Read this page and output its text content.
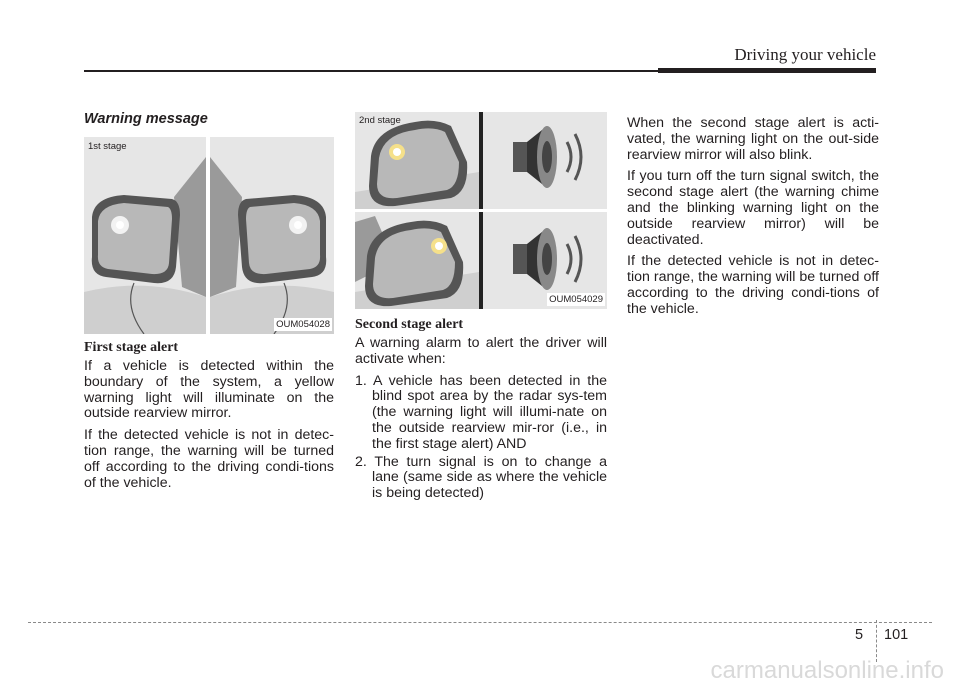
Driving your vehicle
Warning message
1st stage
OUM054028
First stage alert

If a vehicle is detected within the boundary of the system, a yellow warning light will illuminate on the outside rearview mirror.

If the detected vehicle is not in detec-tion range, the warning will be turned off according to the driving condi-tions of the vehicle.

2nd stage
OUM054029
Second stage alert

A warning alarm to alert the driver will activate when:

1. A vehicle has been detected in the blind spot area by the radar sys-tem (the warning light will illumi-nate on the outside rearview mir-ror (i.e., in the first stage alert) AND
2. The turn signal is on to change a lane (same side as where the vehicle is being detected)

When the second stage alert is acti-vated, the warning light on the out-side rearview mirror will also blink.

If you turn off the turn signal switch, the second stage alert (the warning chime and the blinking warning light on the outside rearview mirror) will be deactivated.

If the detected vehicle is not in detec-tion range, the warning will be turned off according to the driving condi-tions of the vehicle.

5 101
carmanualsonline.info
